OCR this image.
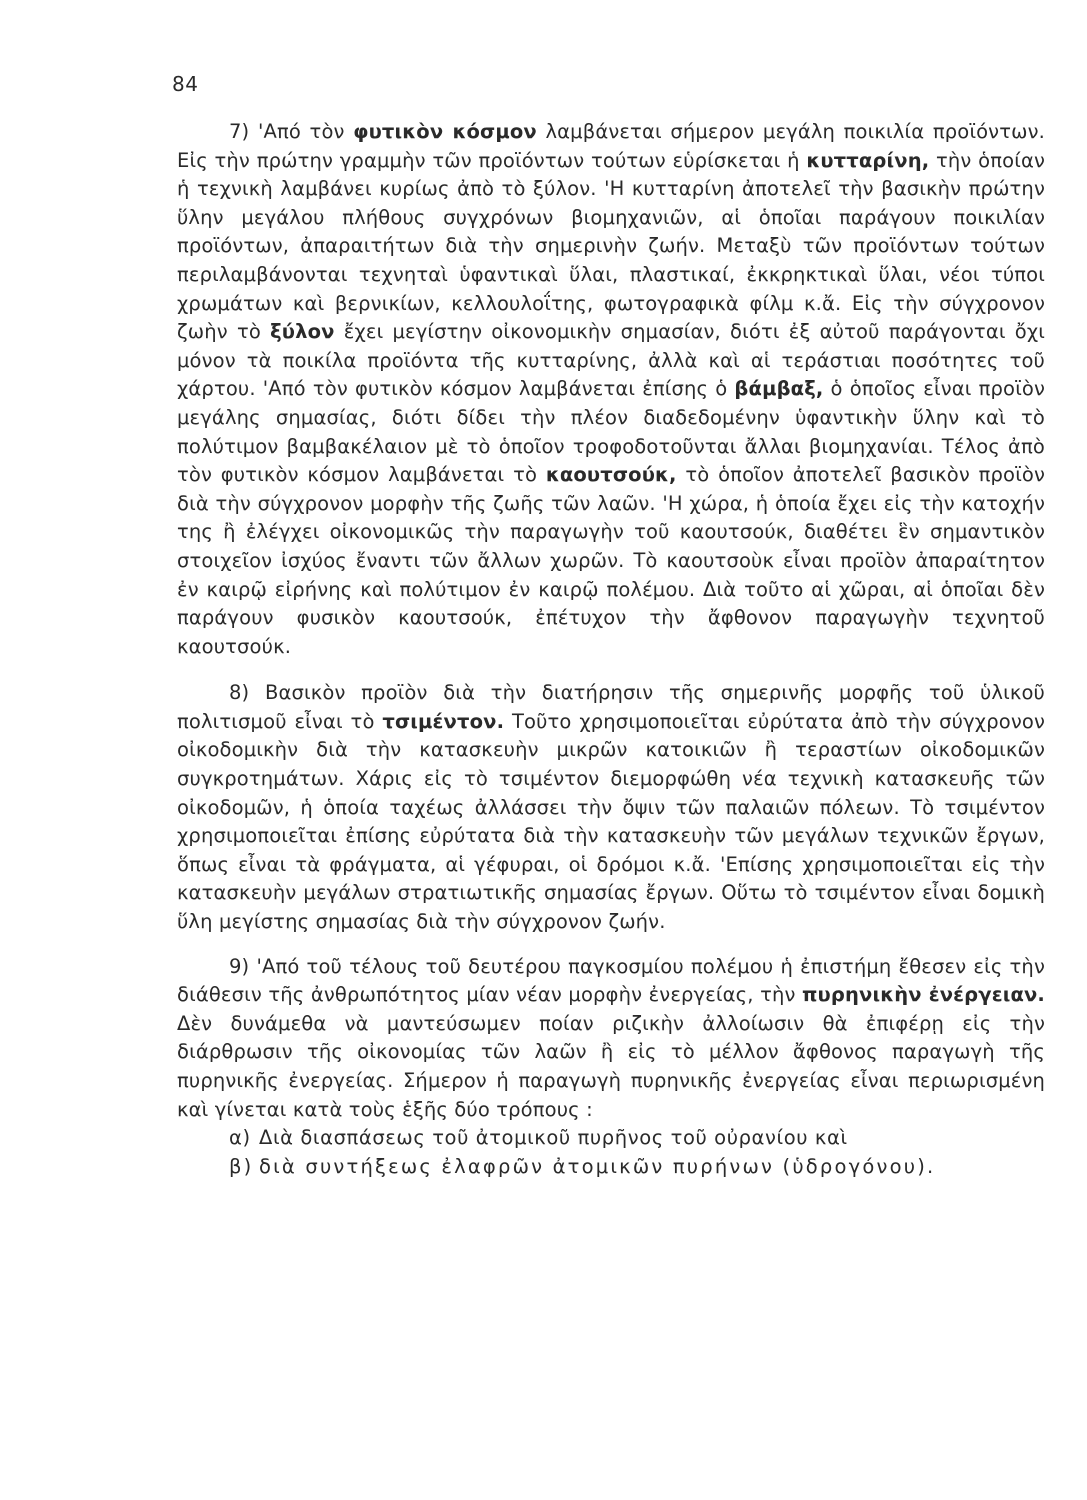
84

7) 'Από τὸν φυτικὸν κόσμον λαμβάνεται σήμερον μεγάλη ποικιλία προϊόντων. Εἰς τὴν πρώτην γραμμὴν τῶν προϊόντων τούτων εὑρίσκεται ἡ κυτταρίνη, τὴν ὁποίαν ἡ τεχνικὴ λαμβάνει κυρίως ἀπὸ τὸ ξύλον. 'Η κυτταρίνη ἀποτελεῖ τὴν βασικὴν πρώτην ὕλην μεγάλου πλήθους συγχρόνων βιομηχανιῶν, αἱ ὁποῖαι παράγουν ποικιλίαν προϊόντων, ἀπαραιτήτων διὰ τὴν σημερινὴν ζωήν. Μεταξὺ τῶν προϊόντων τούτων περιλαμβάνονται τεχνηταὶ ὑφαντικαὶ ὕλαι, πλαστικαί, ἐκκρηκτικαὶ ὕλαι, νέοι τύποι χρωμάτων καὶ βερνικίων, κελλουλοΐτης, φωτογραφικὰ φίλμ κ.ἄ. Εἰς τὴν σύγχρονον ζωὴν τὸ ξύλον ἔχει μεγίστην οἰκονομικὴν σημασίαν, διότι ἐξ αὐτοῦ παράγονται ὄχι μόνον τὰ ποικίλα προϊόντα τῆς κυτταρίνης, ἀλλὰ καὶ αἱ τεράστιαι ποσότητες τοῦ χάρτου. 'Από τὸν φυτικὸν κόσμον λαμβάνεται ἐπίσης ὁ βάμβαξ, ὁ ὁποῖος εἶναι προϊὸν μεγάλης σημασίας, διότι δίδει τὴν πλέον διαδεδομένην ὑφαντικὴν ὕλην καὶ τὸ πολύτιμον βαμβακέλαιον μὲ τὸ ὁποῖον τροφοδοτοῦνται ἄλλαι βιομηχανίαι. Τέλος ἀπὸ τὸν φυτικὸν κόσμον λαμβάνεται τὸ καουτσούκ, τὸ ὁποῖον ἀποτελεῖ βασικὸν προϊὸν διὰ τὴν σύγχρονον μορφὴν τῆς ζωῆς τῶν λαῶν. 'Η χώρα, ἡ ὁποία ἔχει εἰς τὴν κατοχήν της ἢ ἐλέγχει οἰκονομικῶς τὴν παραγωγὴν τοῦ καουτσούκ, διαθέτει ἓν σημαντικὸν στοιχεῖον ἰσχύος ἔναντι τῶν ἄλλων χωρῶν. Τὸ καουτσοὺκ εἶναι προϊὸν ἀπαραίτητον ἐν καιρῷ εἰρήνης καὶ πολύτιμον ἐν καιρῷ πολέμου. Διὰ τοῦτο αἱ χῶραι, αἱ ὁποῖαι δὲν παράγουν φυσικὸν καουτσούκ, ἐπέτυχον τὴν ἄφθονον παραγωγὴν τεχνητοῦ καουτσούκ.

8) Βασικὸν προϊὸν διὰ τὴν διατήρησιν τῆς σημερινῆς μορφῆς τοῦ ὑλικοῦ πολιτισμοῦ εἶναι τὸ τσιμέντον. Τοῦτο χρησιμοποιεῖται εὐρύτατα ἀπὸ τὴν σύγχρονον οἰκοδομικὴν διὰ τὴν κατασκευὴν μικρῶν κατοικιῶν ἢ τεραστίων οἰκοδομικῶν συγκροτημάτων. Χάρις εἰς τὸ τσιμέντον διεμορφώθη νέα τεχνικὴ κατασκευῆς τῶν οἰκοδομῶν, ἡ ὁποία ταχέως ἀλλάσσει τὴν ὄψιν τῶν παλαιῶν πόλεων. Τὸ τσιμέντον χρησιμοποιεῖται ἐπίσης εὐρύτατα διὰ τὴν κατασκευὴν τῶν μεγάλων τεχνικῶν ἔργων, ὅπως εἶναι τὰ φράγματα, αἱ γέφυραι, οἱ δρόμοι κ.ἄ. 'Επίσης χρησιμοποιεῖται εἰς τὴν κατασκευὴν μεγάλων στρατιωτικῆς σημασίας ἔργων. Οὕτω τὸ τσιμέντον εἶναι δομικὴ ὕλη μεγίστης σημασίας διὰ τὴν σύγχρονον ζωήν.

9) 'Από τοῦ τέλους τοῦ δευτέρου παγκοσμίου πολέμου ἡ ἐπιστήμη ἔθεσεν εἰς τὴν διάθεσιν τῆς ἀνθρωπότητος μίαν νέαν μορφὴν ἐνεργείας, τὴν πυρηνικὴν ἐνέργειαν. Δὲν δυνάμεθα νὰ μαντεύσωμεν ποίαν ριζικὴν ἀλλοίωσιν θὰ ἐπιφέρῃ εἰς τὴν διάρθρωσιν τῆς οἰκονομίας τῶν λαῶν ἢ εἰς τὸ μέλλον ἄφθονος παραγωγὴ τῆς πυρηνικῆς ἐνεργείας. Σήμερον ἡ παραγωγὴ πυρηνικῆς ἐνεργείας εἶναι περιωρισμένη καὶ γίνεται κατὰ τοὺς ἑξῆς δύο τρόπους :

α) Διὰ διασπάσεως τοῦ ἀτομικοῦ πυρῆνος τοῦ οὐρανίου καὶ
β) διὰ συντήξεως ἐλαφρῶν ἀτομικῶν πυρήνων (ὑδρογόνου).
